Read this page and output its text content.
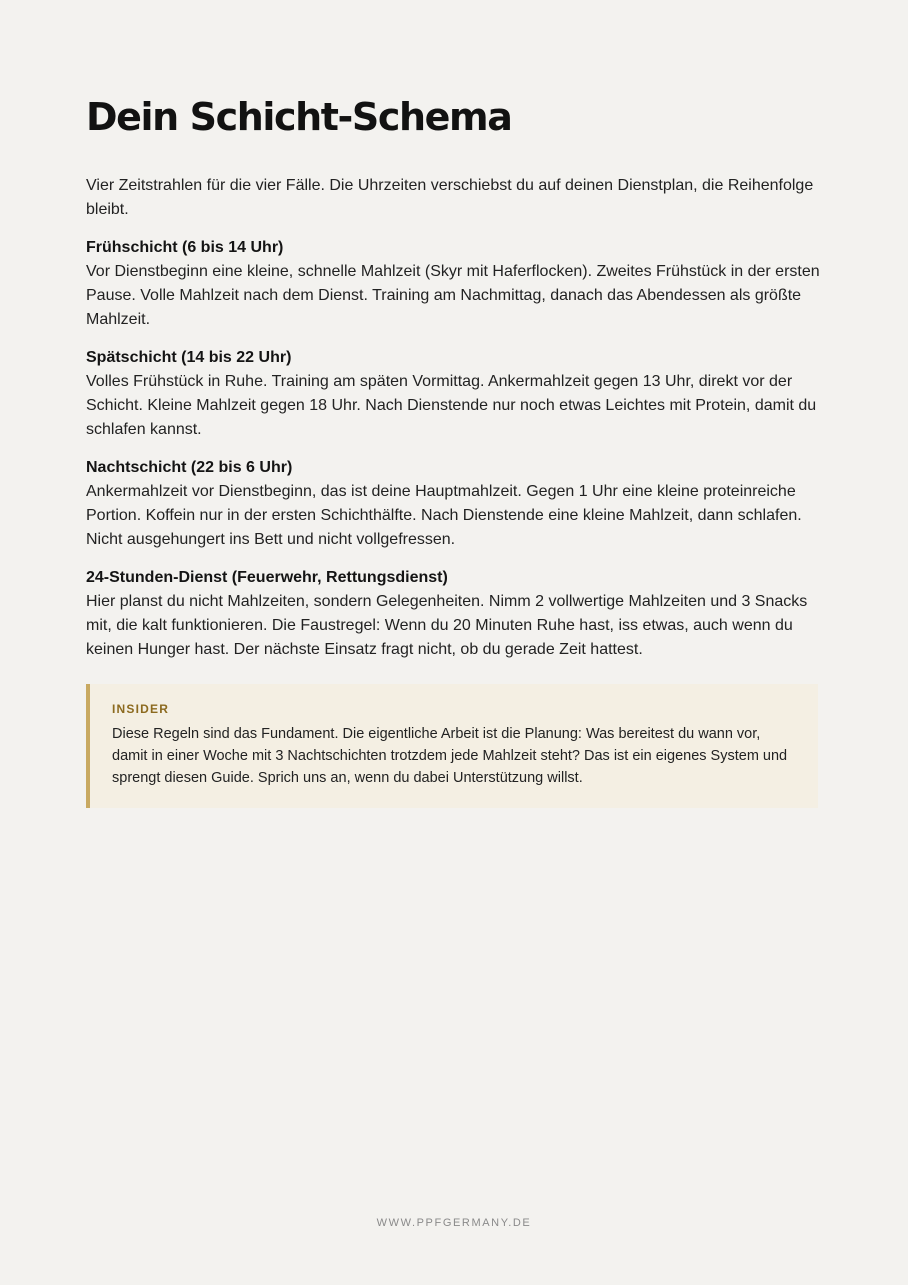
Dein Schicht-Schema

Vier Zeitstrahlen für die vier Fälle. Die Uhrzeiten verschiebst du auf deinen Dienstplan, die Reihenfolge bleibt.

Frühschicht (6 bis 14 Uhr)

Vor Dienstbeginn eine kleine, schnelle Mahlzeit (Skyr mit Haferflocken). Zweites Frühstück in der ersten Pause. Volle Mahlzeit nach dem Dienst. Training am Nachmittag, danach das Abendessen als größte Mahlzeit.

Spätschicht (14 bis 22 Uhr)

Volles Frühstück in Ruhe. Training am späten Vormittag. Ankermahlzeit gegen 13 Uhr, direkt vor der Schicht. Kleine Mahlzeit gegen 18 Uhr. Nach Dienstende nur noch etwas Leichtes mit Protein, damit du schlafen kannst.

Nachtschicht (22 bis 6 Uhr)

Ankermahlzeit vor Dienstbeginn, das ist deine Hauptmahlzeit. Gegen 1 Uhr eine kleine proteinreiche Portion. Koffein nur in der ersten Schichthälfte. Nach Dienstende eine kleine Mahlzeit, dann schlafen. Nicht ausgehungert ins Bett und nicht vollgefressen.

24-Stunden-Dienst (Feuerwehr, Rettungsdienst)

Hier planst du nicht Mahlzeiten, sondern Gelegenheiten. Nimm 2 vollwertige Mahlzeiten und 3 Snacks mit, die kalt funktionieren. Die Faustregel: Wenn du 20 Minuten Ruhe hast, iss etwas, auch wenn du keinen Hunger hast. Der nächste Einsatz fragt nicht, ob du gerade Zeit hattest.

INSIDER

Diese Regeln sind das Fundament. Die eigentliche Arbeit ist die Planung: Was bereitest du wann vor, damit in einer Woche mit 3 Nachtschichten trotzdem jede Mahlzeit steht? Das ist ein eigenes System und sprengt diesen Guide. Sprich uns an, wenn du dabei Unterstützung willst.

WWW.PPFGERMANY.DE
